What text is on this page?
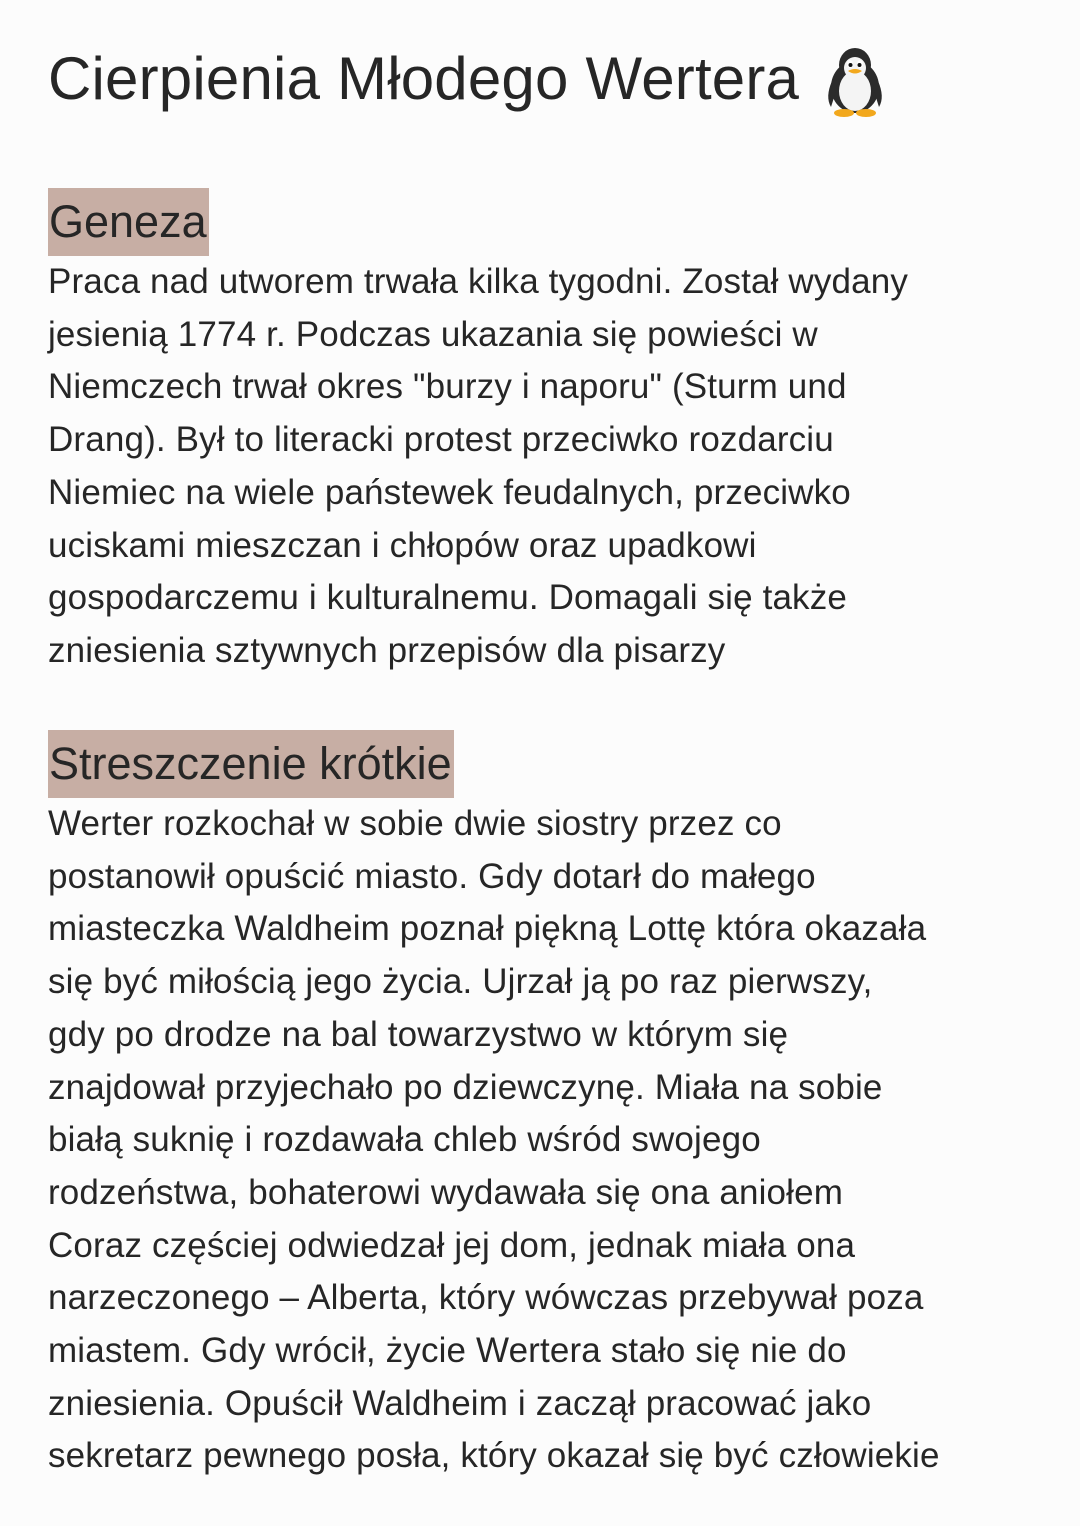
Cierpienia Młodego Wertera
Geneza

Praca nad utworem trwała kilka tygodni. Został wydany
jesienią 1774 r. Podczas ukazania się powieści w
Niemczech trwał okres "burzy i naporu" (Sturm und
Drang). Był to literacki protest przeciwko rozdarciu
Niemiec na wiele państewek feudalnych, przeciwko
uciskami mieszczan i chłopów oraz upadkowi
gospodarczemu i kulturalnemu. Domagali się także
zniesienia sztywnych przepisów dla pisarzy

Streszczenie krótkie

Werter rozkochał w sobie dwie siostry przez co
postanowił opuścić miasto. Gdy dotarł do małego
miasteczka Waldheim poznał piękną Lottę która okazała
się być miłością jego życia. Ujrzał ją po raz pierwszy,
gdy po drodze na bal towarzystwo w którym się
znajdował przyjechało po dziewczynę. Miała na sobie
białą suknię i rozdawała chleb wśród swojego
rodzeństwa, bohaterowi wydawała się ona aniołem
Coraz częściej odwiedzał jej dom, jednak miała ona
narzeczonego – Alberta, który wówczas przebywał poza
miastem. Gdy wrócił, życie Wertera stało się nie do
zniesienia. Opuścił Waldheim i zaczął pracować jako
sekretarz pewnego posła, który okazał się być człowiekie
